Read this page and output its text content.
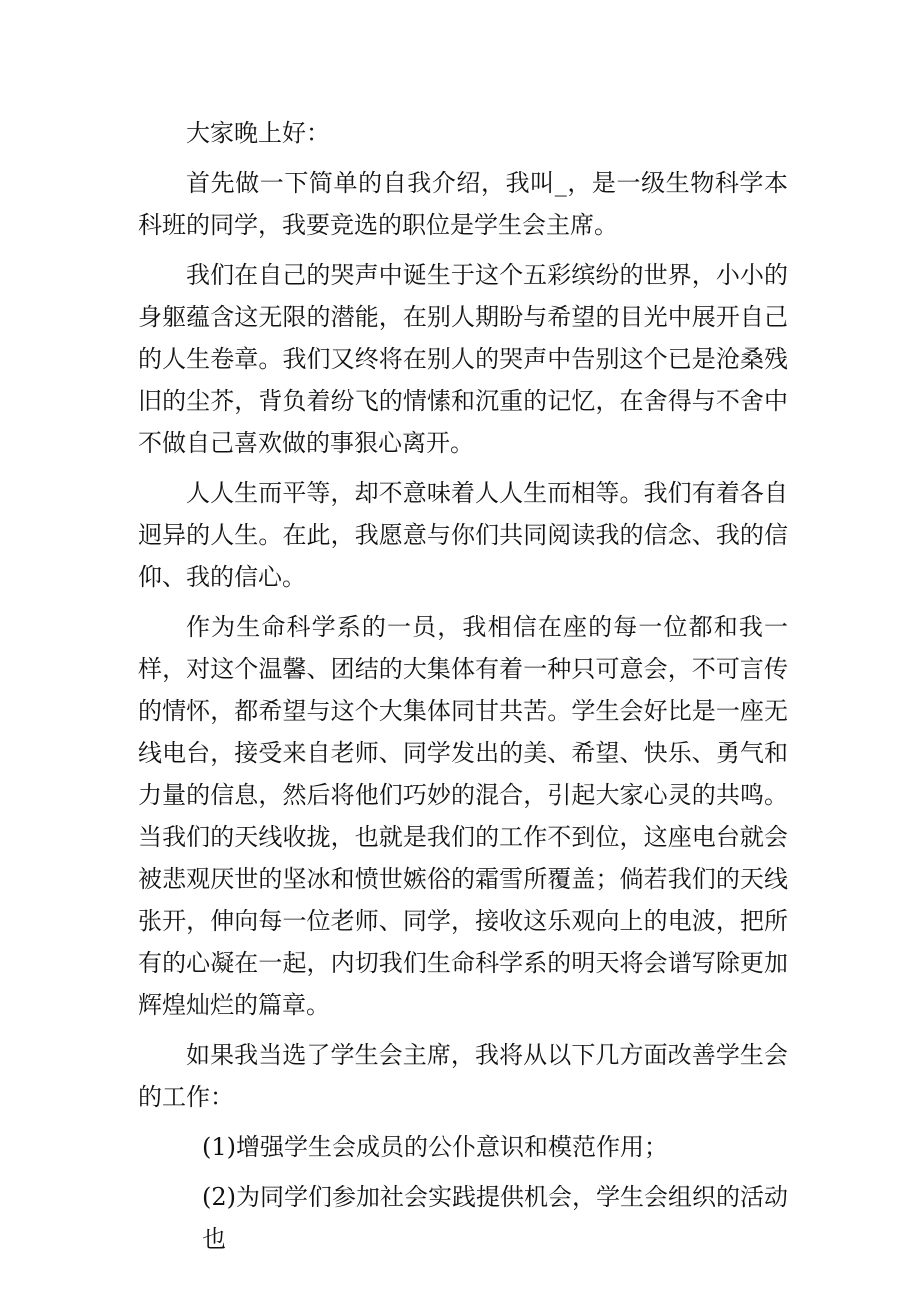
大家晚上好：

首先做一下简单的自我介绍，我叫_，是一级生物科学本科班的同学，我要竞选的职位是学生会主席。

我们在自己的哭声中诞生于这个五彩缤纷的世界，小小的身躯蕴含这无限的潜能，在别人期盼与希望的目光中展开自己的人生卷章。我们又终将在别人的哭声中告别这个已是沧桑残旧的尘芥，背负着纷飞的情愫和沉重的记忆，在舍得与不舍中不做自己喜欢做的事狠心离开。

人人生而平等，却不意味着人人生而相等。我们有着各自迥异的人生。在此，我愿意与你们共同阅读我的信念、我的信仰、我的信心。

作为生命科学系的一员，我相信在座的每一位都和我一样，对这个温馨、团结的大集体有着一种只可意会，不可言传的情怀，都希望与这个大集体同甘共苦。学生会好比是一座无线电台，接受来自老师、同学发出的美、希望、快乐、勇气和力量的信息，然后将他们巧妙的混合，引起大家心灵的共鸣。当我们的天线收拢，也就是我们的工作不到位，这座电台就会被悲观厌世的坚冰和愤世嫉俗的霜雪所覆盖；倘若我们的天线张开，伸向每一位老师、同学，接收这乐观向上的电波，把所有的心凝在一起，内切我们生命科学系的明天将会谱写除更加辉煌灿烂的篇章。

如果我当选了学生会主席，我将从以下几方面改善学生会的工作：

(1)增强学生会成员的公仆意识和模范作用；

(2)为同学们参加社会实践提供机会，学生会组织的活动也
